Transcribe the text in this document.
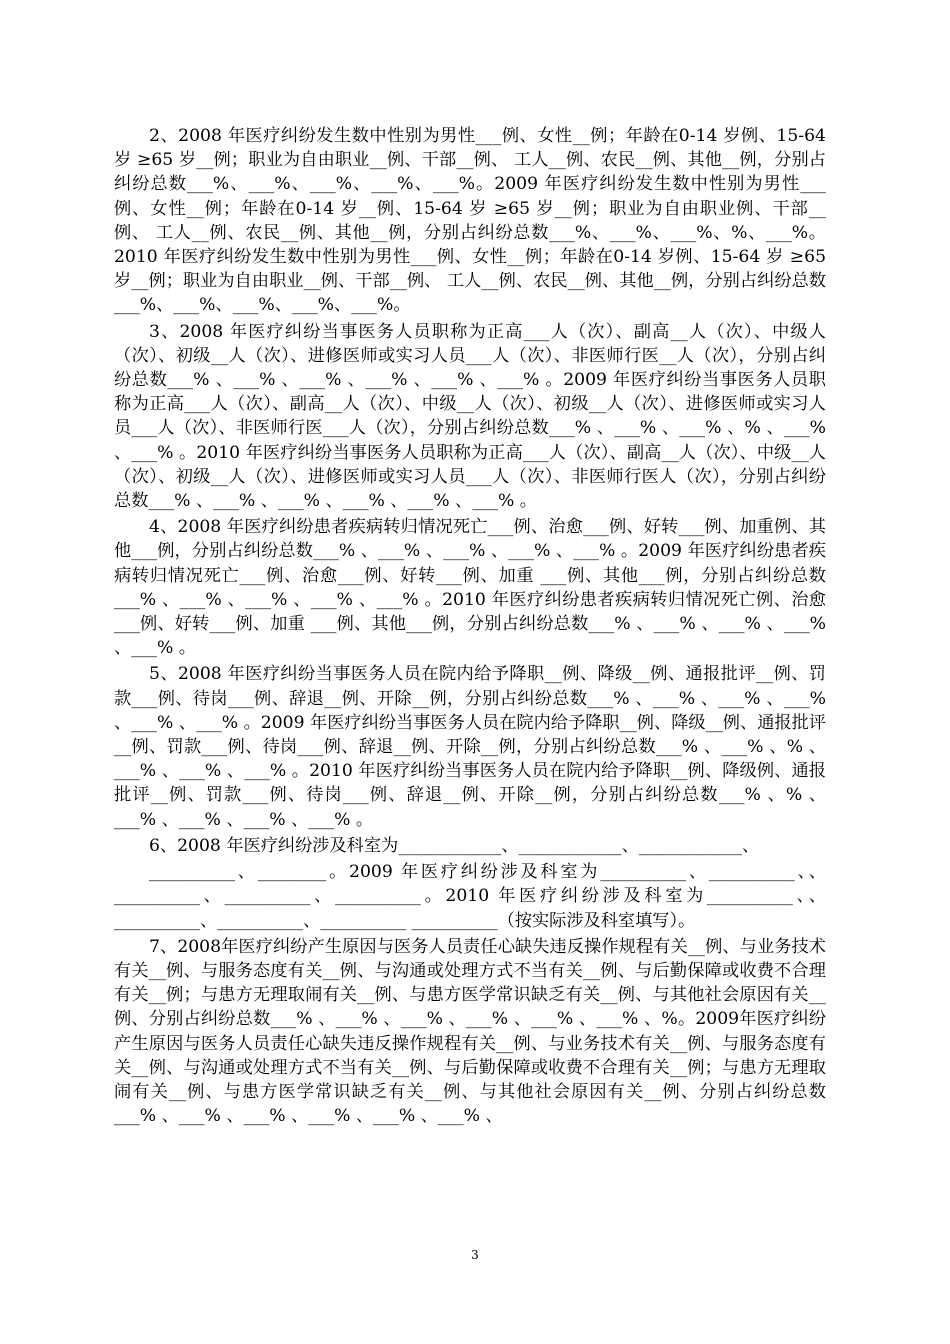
2、2008 年医疗纠纷发生数中性别为男性___例、女性__例；年龄在0-14 岁例、15-64 岁 ≥65 岁__例；职业为自由职业__例、干部__例、 工人__例、农民__例、其他__例，分别占纠纷总数___%、___%、___%、___%、___%。2009 年医疗纠纷发生数中性别为男性___例、女性__例；年龄在0-14 岁__例、15-64 岁 ≥65 岁__例；职业为自由职业例、干部__例、 工人__例、农民__例、其他__例，分别占纠纷总数___%、___%、___%、%、___%。2010 年医疗纠纷发生数中性别为男性___例、女性__例；年龄在0-14 岁例、15-64 岁 ≥65 岁__例；职业为自由职业__例、干部__例、 工人__例、农民__例、其他__例，分别占纠纷总数___%、___%、___%、___%、___%。

3、2008 年医疗纠纷当事医务人员职称为正高___人（次）、副高__人（次）、中级人（次）、初级__人（次）、进修医师或实习人员___人（次）、非医师行医__人（次），分别占纠纷总数___% 、___% 、___% 、___% 、___% 、___% 。2009 年医疗纠纷当事医务人员职称为正高___人（次）、副高__人（次）、中级__人（次）、初级__人（次）、进修医师或实习人员___人（次）、非医师行医___人（次），分别占纠纷总数___% 、___% 、___% 、% 、___% 、___% 。2010 年医疗纠纷当事医务人员职称为正高___人（次）、副高__人（次）、中级__人（次）、初级__人（次）、进修医师或实习人员___人（次）、非医师行医人（次），分别占纠纷总数___% 、___% 、___% 、___% 、___% 、___% 。

4、2008 年医疗纠纷患者疾病转归情况死亡___例、治愈___例、好转___例、加重例、其他___例，分别占纠纷总数___% 、___% 、___% 、___% 、___% 。2009 年医疗纠纷患者疾病转归情况死亡___例、治愈___例、好转___例、加重 ___例、其他___例，分别占纠纷总数___% 、___% 、___% 、___% 、___% 。2010 年医疗纠纷患者疾病转归情况死亡例、治愈___例、好转___例、加重 ___例、其他___例，分别占纠纷总数___% 、___% 、___% 、___% 、___% 。

5、2008 年医疗纠纷当事医务人员在院内给予降职__例、降级__例、通报批评__例、罚款___例、待岗___例、辞退__例、开除__例，分别占纠纷总数___% 、___% 、___% 、___% 、___% 、___% 。2009 年医疗纠纷当事医务人员在院内给予降职__例、降级__例、通报批评__例、罚款___例、待岗___例、辞退__例、开除__例，分别占纠纷总数___% 、___% 、% 、___% 、___% 、___% 。2010 年医疗纠纷当事医务人员在院内给予降职__例、降级例、通报批评__例、罚款___例、待岗___例、辞退__例、开除__例，分别占纠纷总数___% 、% 、___% 、___% 、___% 、___% 。

6、2008 年医疗纠纷涉及科室为____________、____________、____________、

__________、________。2009 年医疗纠纷涉及科室为__________、__________、、__________、__________、__________。2010 年医疗纠纷涉及科室为__________、、__________、__________、__________ __________（按实际涉及科室填写）。

7、2008年医疗纠纷产生原因与医务人员责任心缺失违反操作规程有关__例、与业务技术有关__例、与服务态度有关__例、与沟通或处理方式不当有关__例、与后勤保障或收费不合理有关__例；与患方无理取闹有关__例、与患方医学常识缺乏有关__例、与其他社会原因有关__例、分别占纠纷总数___% 、___% 、___% 、___% 、___% 、___% 、%。2009年医疗纠纷产生原因与医务人员责任心缺失违反操作规程有关__例、与业务技术有关__例、与服务态度有关__例、与沟通或处理方式不当有关__例、与后勤保障或收费不合理有关__例；与患方无理取闹有关__例、与患方医学常识缺乏有关__例、与其他社会原因有关__例、分别占纠纷总数___% 、___% 、___% 、___% 、___% 、___% 、

3
